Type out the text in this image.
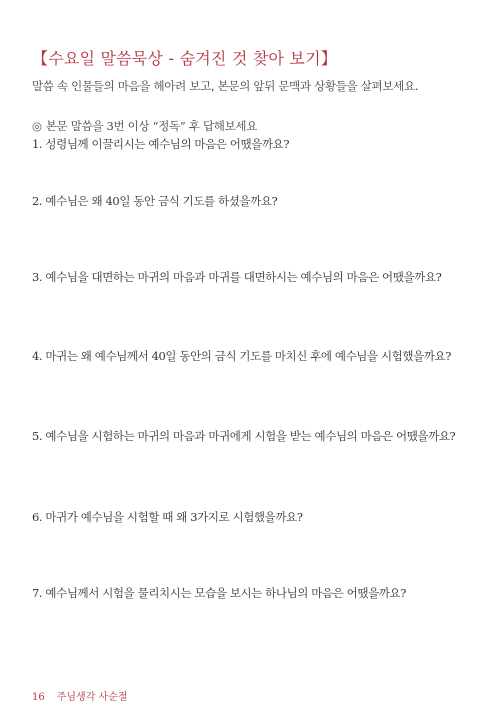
【수요일 말씀묵상 - 숨겨진 것 찾아 보기】
말씀 속 인물들의 마음을 헤아려 보고, 본문의 앞뒤 문맥과 상황들을 살펴보세요.
◎ 본문 말씀을 3번 이상 “정독” 후 답해보세요
1. 성령님께 이끌리시는 예수님의 마음은 어땠을까요?
2. 예수님은 왜 40일 동안 금식 기도를 하셨을까요?
3. 예수님을 대면하는 마귀의 마음과 마귀를 대면하시는 예수님의 마음은 어땠을까요?
4. 마귀는 왜 예수님께서 40일 동안의 금식 기도를 마치신 후에 예수님을 시험했을까요?
5. 예수님을 시험하는 마귀의 마음과 마귀에게 시험을 받는 예수님의 마음은 어땠을까요?
6. 마귀가 예수님을 시험할 때 왜 3가지로 시험했을까요?
7. 예수님께서 시험을 물리치시는 모습을 보시는 하나님의 마음은 어땠을까요?
16 주님생각 사순절
